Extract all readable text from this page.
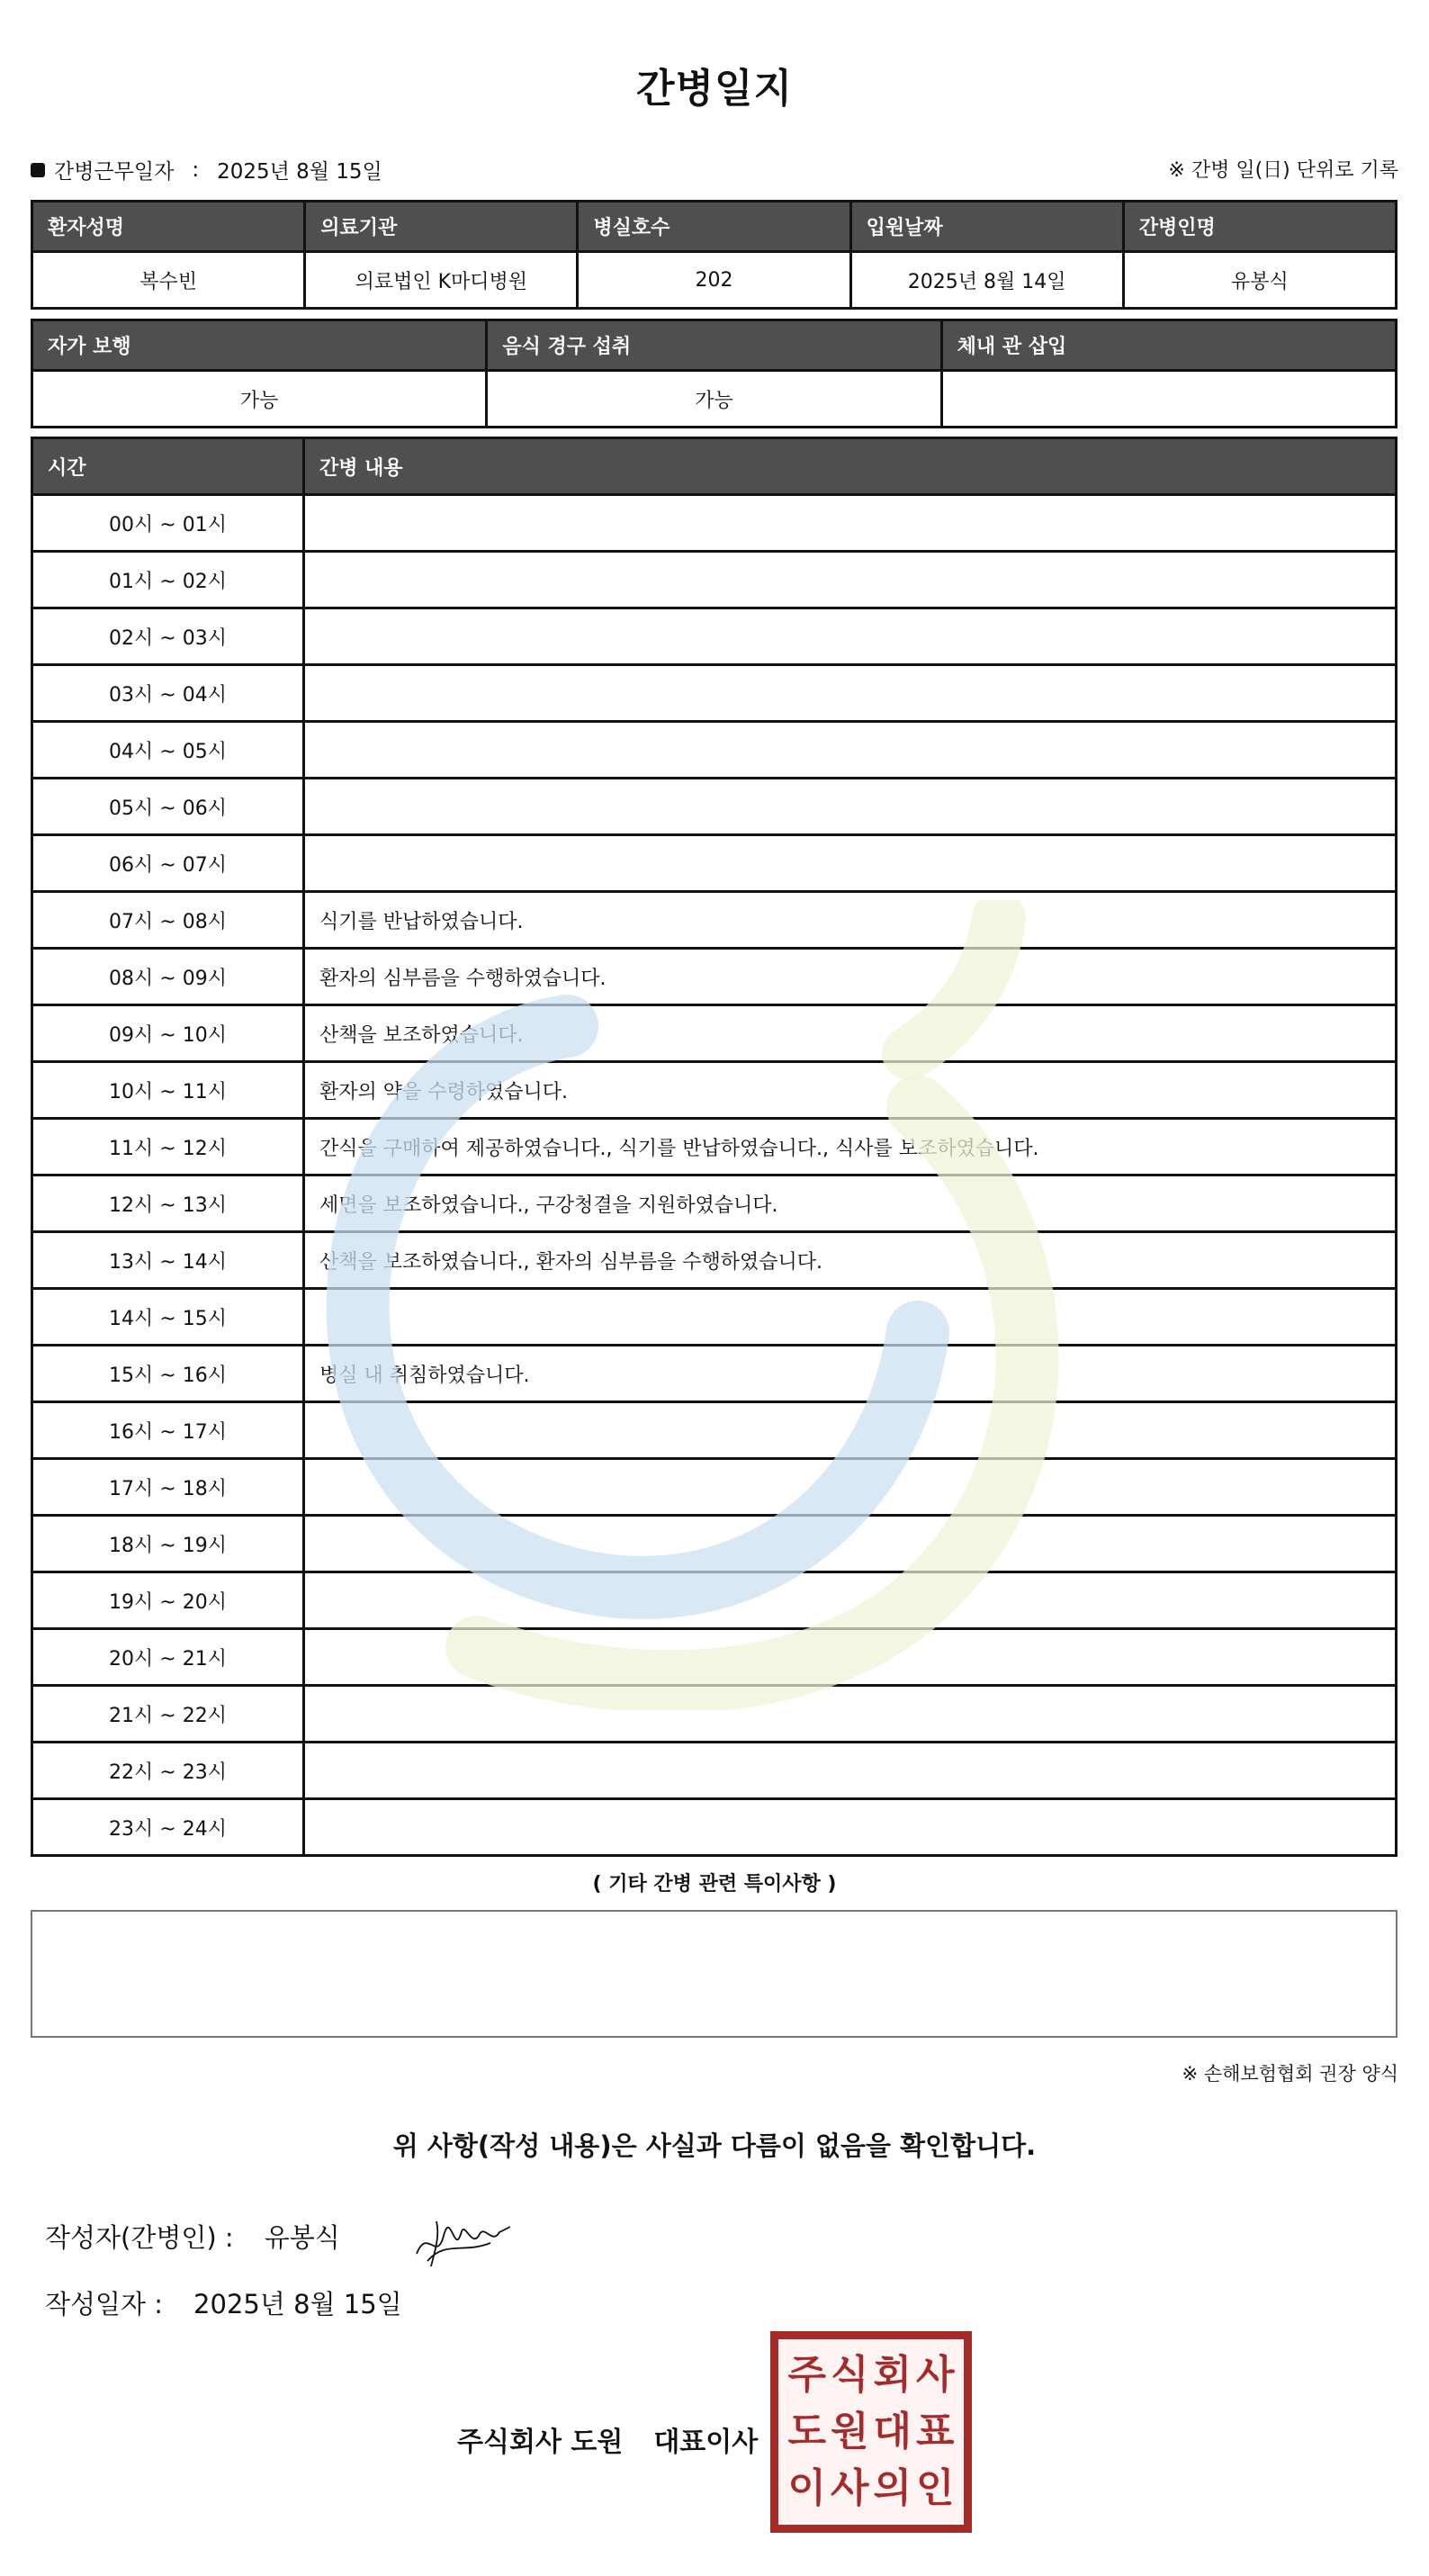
간병일지
간병근무일자 : 2025년 8월 15일	※ 간병 일(日) 단위로 기록
환자성명	의료기관	병실호수	입원날짜	간병인명
복수빈	의료법인 K마디병원	202	2025년 8월 14일	유봉식
자가 보행	음식 경구 섭취	체내 관 삽입
가능	가능	
시간	간병 내용
00시 ~ 01시	
01시 ~ 02시	
02시 ~ 03시	
03시 ~ 04시	
04시 ~ 05시	
05시 ~ 06시	
06시 ~ 07시	
07시 ~ 08시	식기를 반납하였습니다.
08시 ~ 09시	환자의 심부름을 수행하였습니다.
09시 ~ 10시	산책을 보조하였습니다.
10시 ~ 11시	환자의 약을 수령하였습니다.
11시 ~ 12시	간식을 구매하여 제공하였습니다., 식기를 반납하였습니다., 식사를 보조하였습니다.
12시 ~ 13시	세면을 보조하였습니다., 구강청결을 지원하였습니다.
13시 ~ 14시	산책을 보조하였습니다., 환자의 심부름을 수행하였습니다.
14시 ~ 15시	
15시 ~ 16시	병실 내 취침하였습니다.
16시 ~ 17시	
17시 ~ 18시	
18시 ~ 19시	
19시 ~ 20시	
20시 ~ 21시	
21시 ~ 22시	
22시 ~ 23시	
23시 ~ 24시	
( 기타 간병 관련 특이사항 )
※ 손해보험협회 권장 양식
위 사항(작성 내용)은 사실과 다름이 없음을 확인합니다.
작성자(간병인) : 유봉식
작성일자 : 2025년 8월 15일
주식회사 도원 대표이사
주 식 회 사
도 원 대 표
이 사 의 인
